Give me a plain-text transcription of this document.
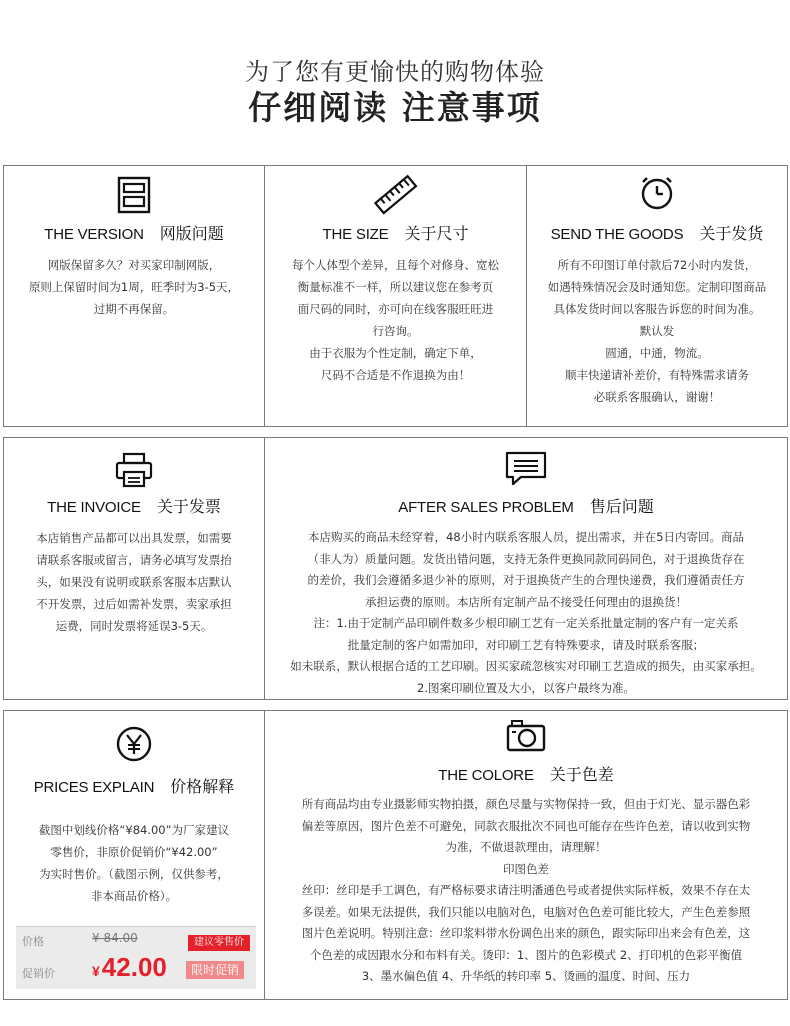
为了您有更愉快的购物体验
仔细阅读 注意事项
THE VERSION 网版问题
网版保留多久？对买家印制网版，
原则上保留时间为1周，旺季时为3-5天，
过期不再保留。
THE SIZE 关于尺寸
每个人体型个差异，且每个对修身、宽松
衡量标准不一样，所以建议您在参考页
面尺码的同时，亦可向在线客服旺旺进
行咨询。
由于衣服为个性定制，确定下单，
尺码不合适是不作退换为由！
SEND THE GOODS 关于发货
所有不印图订单付款后72小时内发货，
如遇特殊情况会及时通知您。定制印图商品
具体发货时间以客服告诉您的时间为准。
默认发
圆通，中通，物流。
顺丰快递请补差价，有特殊需求请务
必联系客服确认，谢谢！
THE INVOICE 关于发票
本店销售产品都可以出具发票，如需要
请联系客服或留言，请务必填写发票抬
头，如果没有说明或联系客服本店默认
不开发票，过后如需补发票，卖家承担
运费，同时发票将延误3-5天。
AFTER SALES PROBLEM 售后问题
本店购买的商品未经穿着，48小时内联系客服人员，提出需求，并在5日内寄回。商品
（非人为）质量问题。发货出错问题，支持无条件更换同款同码同色，对于退换货存在
的差价，我们会遵循多退少补的原则，对于退换货产生的合理快递费，我们遵循责任方
承担运费的原则。本店所有定制产品不接受任何理由的退换货！
注：1.由于定制产品印刷件数多少根印刷工艺有一定关系批量定制的客户有一定关系
批量定制的客户如需加印，对印刷工艺有特殊要求，请及时联系客服；
如未联系，默认根据合适的工艺印刷。因买家疏忽核实对印刷工艺造成的损失，由买家承担。
2.图案印刷位置及大小，以客户最终为准。
PRICES EXPLAIN 价格解释
截图中划线价格“¥84.00”为厂家建议
零售价，非原价促销价“¥42.00”
为实时售价。（截图示例，仅供参考，
非本商品价格）。
价格	¥ 84.00	建议零售价
促销价	¥42.00	限时促销
THE COLORE 关于色差
所有商品均由专业摄影师实物拍摄，颜色尽量与实物保持一致，但由于灯光、显示器色彩
偏差等原因，图片色差不可避免，同款衣服批次不同也可能存在些许色差，请以收到实物
为准，不做退款理由，请理解！
印图色差
丝印：丝印是手工调色，有严格标要求请注明潘通色号或者提供实际样板，效果不存在太
多误差。如果无法提供，我们只能以电脑对色，电脑对色色差可能比较大，产生色差参照
图片色差说明。特别注意：丝印浆料带水份调色出来的颜色，跟实际印出来会有色差，这
个色差的成因跟水分和布料有关。烫印：1、图片的色彩模式 2、打印机的色彩平衡值
3、墨水偏色值 4、升华纸的转印率 5、烫画的温度、时间、压力
